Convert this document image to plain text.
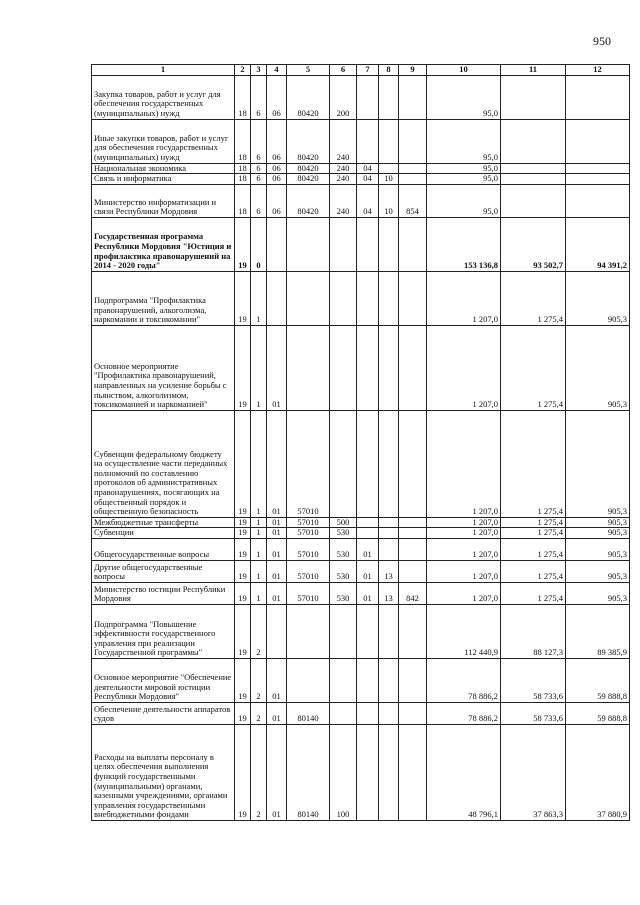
950
1	2	3	4	5	6	7	8	9	10	11	12
Закупка товаров, работ и услуг для обеспечения государственных (муниципальных) нужд	18	6	06	80420	200				95,0		
Иные закупки товаров, работ и услуг для обеспечения государственных (муниципальных) нужд	18	6	06	80420	240				95,0		
Национальная экономика	18	6	06	80420	240	04			95,0		
Связь и информатика	18	6	06	80420	240	04	10		95,0		
Министерство информатизации и связи Республики Мордовия	18	6	06	80420	240	04	10	854	95,0		
Государственная программа Республики Мордовия "Юстиция и профилактика правонарушений на 2014 - 2020 годы"	19	0							153 136,8	93 502,7	94 391,2
Подпрограмма "Профилактика правонарушений, алкоголизма, наркомании и токсикомании"	19	1							1 207,0	1 275,4	905,3
Основное мероприятие "Профилактика правонарушений, направленных на усиление борьбы с пьянством, алкоголизмом, токсикоманией и наркоманией"	19	1	01						1 207,0	1 275,4	905,3
Субвенции федеральному бюджету на осуществление части переданных полномочий по составлению протоколов об административных правонарушениях, посягающих на общественный порядок и общественную безопасность	19	1	01	57010					1 207,0	1 275,4	905,3
Межбюджетные трансферты	19	1	01	57010	500				1 207,0	1 275,4	905,3
Субвенции	19	1	01	57010	530				1 207,0	1 275,4	905,3
Общегосударственные вопросы	19	1	01	57010	530	01			1 207,0	1 275,4	905,3
Другие общегосударственные вопросы	19	1	01	57010	530	01	13		1 207,0	1 275,4	905,3
Министерство юстиции Республики Мордовия	19	1	01	57010	530	01	13	842	1 207,0	1 275,4	905,3
Подпрограмма "Повышение эффективности государственного управления при реализации Государственной программы"	19	2							112 440,9	88 127,3	89 385,9
Основное мероприятие "Обеспечение деятельности мировой юстиции Республики Мордовия"	19	2	01						78 886,2	58 733,6	59 888,8
Обеспечение деятельности аппаратов судов	19	2	01	80140					78 886,2	58 733,6	59 888,8
Расходы на выплаты персоналу в целях обеспечения выполнения функций государственными (муниципальными) органами, казенными учреждениями, органами управления государственными внебюджетными фондами	19	2	01	80140	100				48 796,1	37 863,3	37 880,9
